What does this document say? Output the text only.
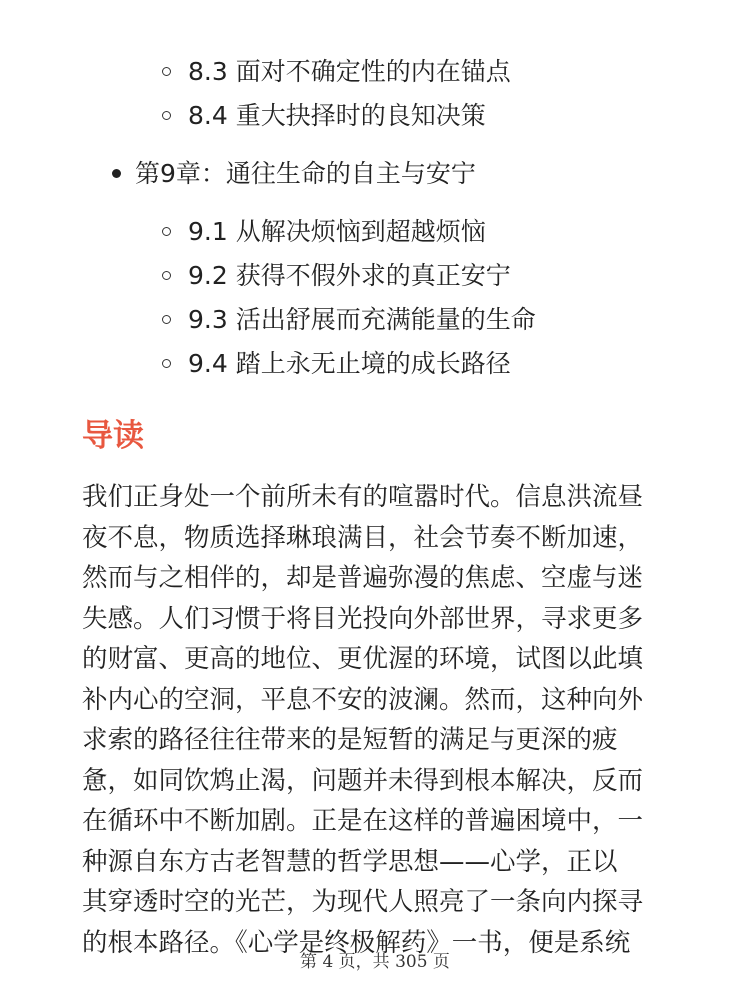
8.3 面对不确定性的内在锚点
8.4 重大抉择时的良知决策
第9章：通往生命的自主与安宁
9.1 从解决烦恼到超越烦恼
9.2 获得不假外求的真正安宁
9.3 活出舒展而充满能量的生命
9.4 踏上永无止境的成长路径
导读
我们正身处一个前所未有的喧嚣时代。信息洪流昼
夜不息，物质选择琳琅满目，社会节奏不断加速，
然而与之相伴的，却是普遍弥漫的焦虑、空虚与迷
失感。人们习惯于将目光投向外部世界，寻求更多
的财富、更高的地位、更优渥的环境，试图以此填
补内心的空洞，平息不安的波澜。然而，这种向外
求索的路径往往带来的是短暂的满足与更深的疲
惫，如同饮鸩止渴，问题并未得到根本解决，反而
在循环中不断加剧。正是在这样的普遍困境中，一
种源自东方古老智慧的哲学思想——心学，正以
其穿透时空的光芒，为现代人照亮了一条向内探寻
的根本路径。《心学是终极解药》一书，便是系统
第 4 页，共 305 页
